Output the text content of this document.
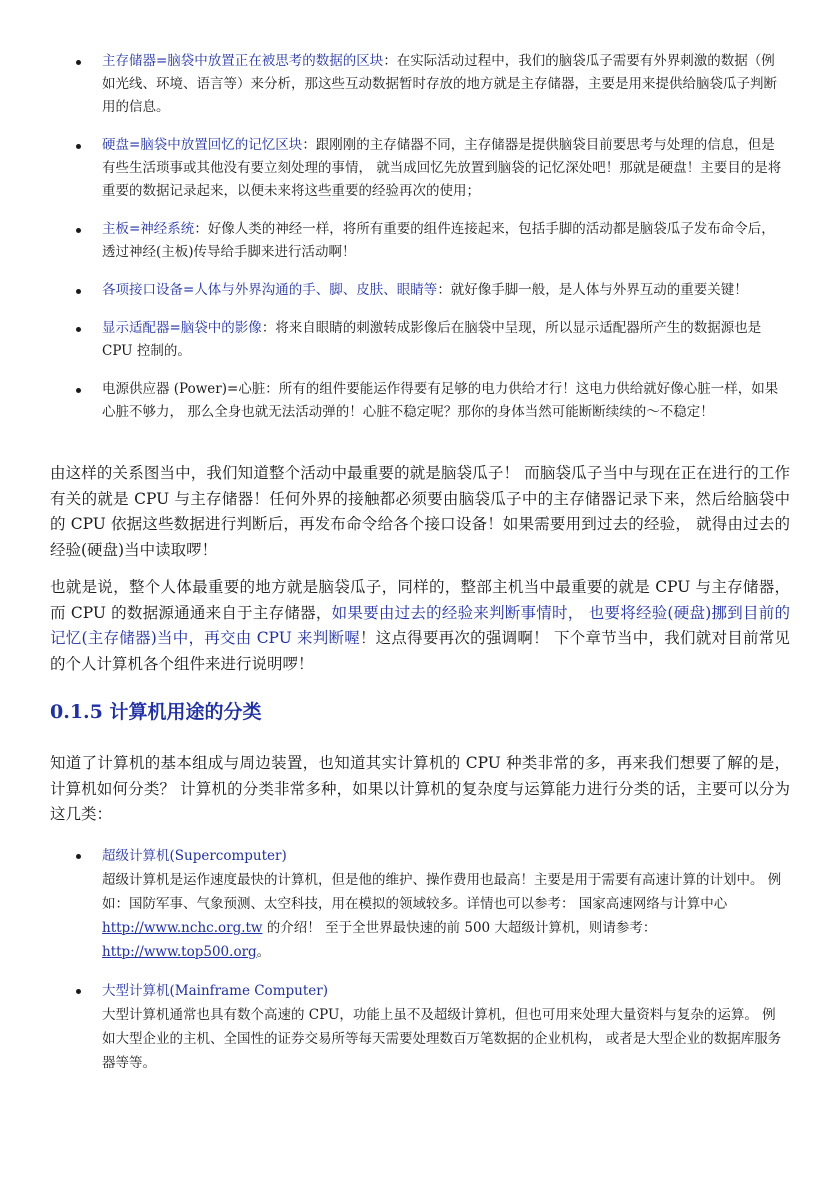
主存储器=脑袋中放置正在被思考的数据的区块：在实际活动过程中，我们的脑袋瓜子需要有外界刺激的数据（例如光线、环境、语言等）来分析，那这些互动数据暂时存放的地方就是主存储器，主要是用来提供给脑袋瓜子判断用的信息。
硬盘=脑袋中放置回忆的记忆区块：跟刚刚的主存储器不同，主存储器是提供脑袋目前要思考与处理的信息，但是有些生活琐事或其他没有要立刻处理的事情， 就当成回忆先放置到脑袋的记忆深处吧！那就是硬盘！主要目的是将重要的数据记录起来，以便未来将这些重要的经验再次的使用；
主板=神经系统：好像人类的神经一样，将所有重要的组件连接起来，包括手脚的活动都是脑袋瓜子发布命令后， 透过神经(主板)传导给手脚来进行活动啊！
各项接口设备=人体与外界沟通的手、脚、皮肤、眼睛等：就好像手脚一般，是人体与外界互动的重要关键！
显示适配器=脑袋中的影像：将来自眼睛的刺激转成影像后在脑袋中呈现，所以显示适配器所产生的数据源也是 CPU 控制的。
电源供应器 (Power)=心脏：所有的组件要能运作得要有足够的电力供给才行！这电力供给就好像心脏一样，如果心脏不够力， 那么全身也就无法活动弹的！心脏不稳定呢？那你的身体当然可能断断续续的～不稳定！

由这样的关系图当中，我们知道整个活动中最重要的就是脑袋瓜子！ 而脑袋瓜子当中与现在正在进行的工作有关的就是 CPU 与主存储器！任何外界的接触都必须要由脑袋瓜子中的主存储器记录下来，然后给脑袋中的 CPU 依据这些数据进行判断后，再发布命令给各个接口设备！如果需要用到过去的经验， 就得由过去的经验(硬盘)当中读取啰！

也就是说，整个人体最重要的地方就是脑袋瓜子，同样的，整部主机当中最重要的就是 CPU 与主存储器， 而 CPU 的数据源通通来自于主存储器，如果要由过去的经验来判断事情时， 也要将经验(硬盘)挪到目前的记忆(主存储器)当中，再交由 CPU 来判断喔！这点得要再次的强调啊！ 下个章节当中，我们就对目前常见的个人计算机各个组件来进行说明啰！

0.1.5 计算机用途的分类

知道了计算机的基本组成与周边装置，也知道其实计算机的 CPU 种类非常的多，再来我们想要了解的是，计算机如何分类？ 计算机的分类非常多种，如果以计算机的复杂度与运算能力进行分类的话，主要可以分为这几类：

超级计算机(Supercomputer)
超级计算机是运作速度最快的计算机，但是他的维护、操作费用也最高！主要是用于需要有高速计算的计划中。 例如：国防军事、气象预测、太空科技，用在模拟的领域较多。详情也可以参考： 国家高速网络与计算中心 http://www.nchc.org.tw 的介绍！ 至于全世界最快速的前 500 大超级计算机，则请参考：
http://www.top500.org。
大型计算机(Mainframe Computer)
大型计算机通常也具有数个高速的 CPU，功能上虽不及超级计算机，但也可用来处理大量资料与复杂的运算。 例如大型企业的主机、全国性的证券交易所等每天需要处理数百万笔数据的企业机构， 或者是大型企业的数据库服务器等等。
